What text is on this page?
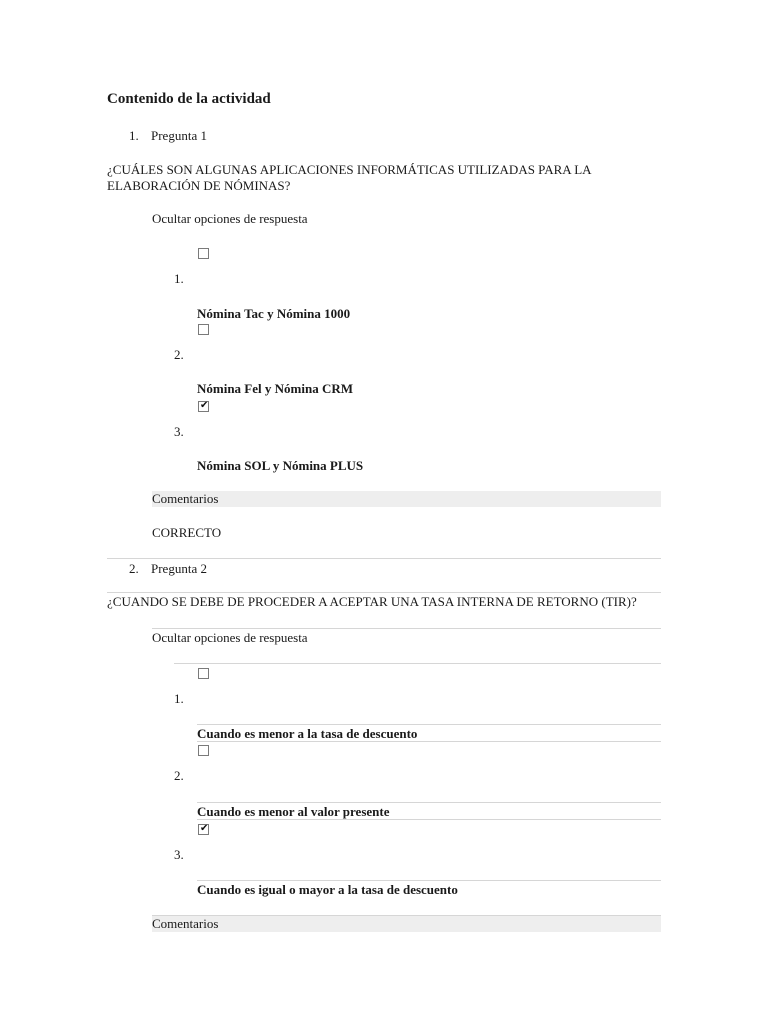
Contenido de la actividad
1. Pregunta 1
¿CUÁLES SON ALGUNAS APLICACIONES INFORMÁTICAS UTILIZADAS PARA LA ELABORACIÓN DE NÓMINAS?
Ocultar opciones de respuesta
1.
Nómina Tac y Nómina 1000
2.
Nómina Fel y Nómina CRM
✔
3.
Nómina SOL y Nómina PLUS
Comentarios
CORRECTO
2. Pregunta 2
¿CUANDO SE DEBE DE PROCEDER A ACEPTAR UNA TASA INTERNA DE RETORNO (TIR)?
Ocultar opciones de respuesta
1.
Cuando es menor a la tasa de descuento
2.
Cuando es menor al valor presente
✔
3.
Cuando es igual o mayor a la tasa de descuento
Comentarios
